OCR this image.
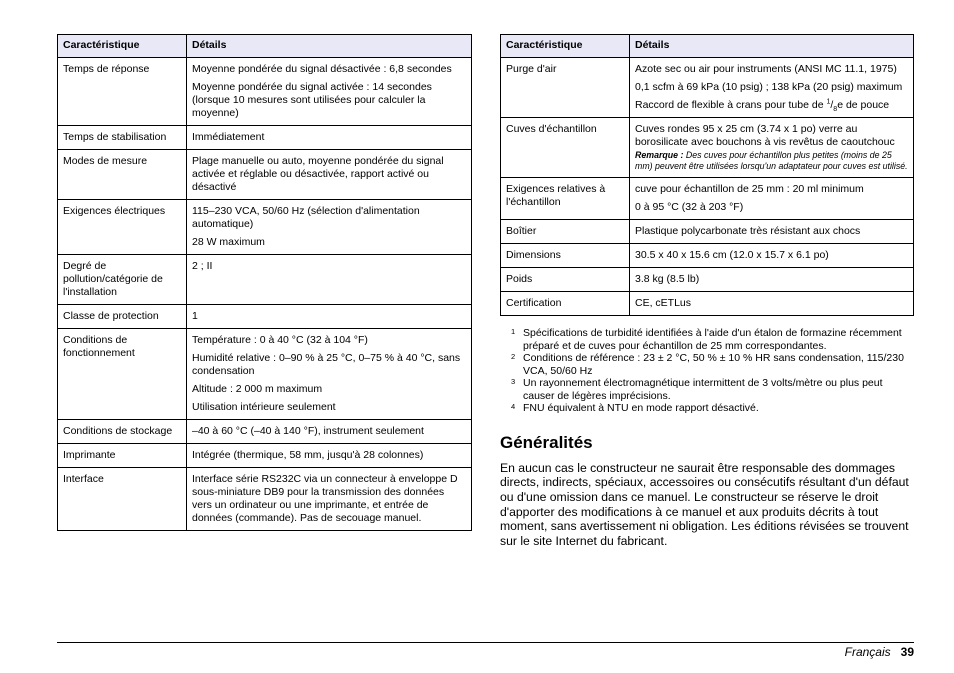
Caractéristique	Détails
Temps de réponse	Moyenne pondérée du signal désactivée : 6,8 secondes

Moyenne pondérée du signal activée : 14 secondes (lorsque 10 mesures sont utilisées pour calculer la moyenne)

Temps de stabilisation	Immédiatement

Modes de mesure	Plage manuelle ou auto, moyenne pondérée du signal activée et réglable ou désactivée, rapport activé ou désactivé

Exigences électriques	115–230 VCA, 50/60 Hz (sélection d'alimentation automatique)

28 W maximum

Degré de pollution/catégorie de l'installation	2 ; II

Classe de protection	1

Conditions de fonctionnement	Température : 0 à 40 °C (32 à 104 °F)

Humidité relative : 0–90 % à 25 °C, 0–75 % à 40 °C, sans condensation

Altitude : 2 000 m maximum

Utilisation intérieure seulement

Conditions de stockage	–40 à 60 °C (–40 à 140 °F), instrument seulement

Imprimante	Intégrée (thermique, 58 mm, jusqu'à 28 colonnes)

Interface	Interface série RS232C via un connecteur à enveloppe D sous-miniature DB9 pour la transmission des données vers un ordinateur ou une imprimante, et entrée de données (commande). Pas de secouage manuel.

Caractéristique	Détails
Purge d'air	Azote sec ou air pour instruments (ANSI MC 11.1, 1975)

0,1 scfm à 69 kPa (10 psig) ; 138 kPa (20 psig) maximum

Raccord de flexible à crans pour tube de $^1/_8e$ de pouce

Cuves d'échantillon	Cuves rondes 95 x 25 cm (3.74 x 1 po) verre au borosilicate avec bouchons à vis revêtus de caoutchouc
Remarque : Des cuves pour échantillon plus petites (moins de 25 mm) peuvent être utilisées lorsqu'un adaptateur pour cuves est utilisé.

Exigences relatives à l'échantillon	cuve pour échantillon de 25 mm : 20 ml minimum

0 à 95 °C (32 à 203 °F)

Boîtier	Plastique polycarbonate très résistant aux chocs

Dimensions	30.5 x 40 x 15.6 cm (12.0 x 15.7 x 6.1 po)

Poids	3.8 kg (8.5 lb)

Certification	CE, cETLus

1 Spécifications de turbidité identifiées à l'aide d'un étalon de formazine récemment préparé et de cuves pour échantillon de 25 mm correspondantes.
2 Conditions de référence : 23 ± 2 °C, 50 % ± 10 % HR sans condensation, 115/230 VCA, 50/60 Hz
3 Un rayonnement électromagnétique intermittent de 3 volts/mètre ou plus peut causer de légères imprécisions.
4 FNU équivalent à NTU en mode rapport désactivé.
Généralités

En aucun cas le constructeur ne saurait être responsable des dommages directs, indirects, spéciaux, accessoires ou consécutifs résultant d'un défaut ou d'une omission dans ce manuel. Le constructeur se réserve le droit d'apporter des modifications à ce manuel et aux produits décrits à tout moment, sans avertissement ni obligation. Les éditions révisées se trouvent sur le site Internet du fabricant.

Français 39
